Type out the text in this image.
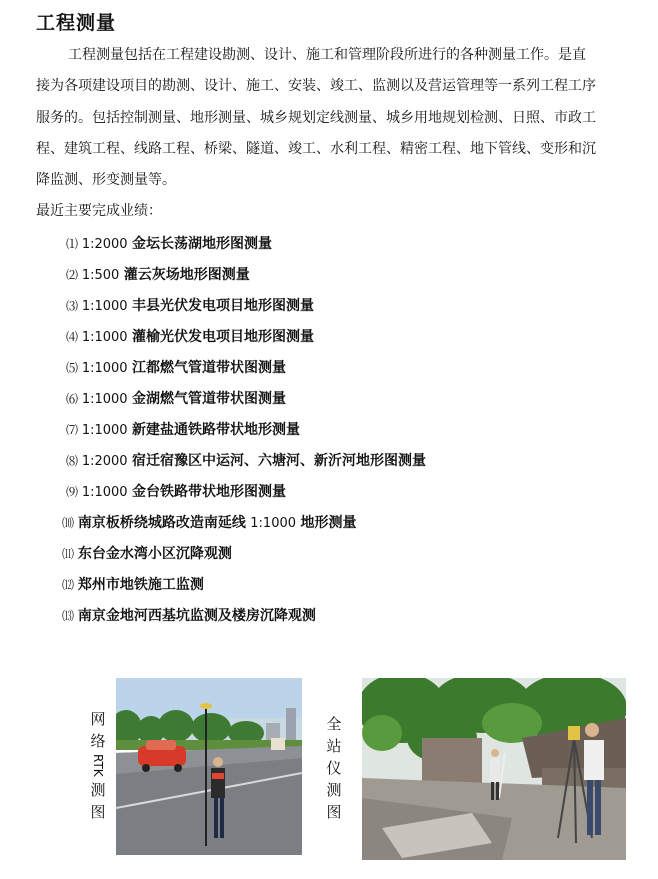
工程测量
工程测量包括在工程建设勘测、设计、施工和管理阶段所进行的各种测量工作。是直接为各项建设项目的勘测、设计、施工、安装、竣工、监测以及营运管理等一系列工程工序服务的。包括控制测量、地形测量、城乡规划定线测量、城乡用地规划检测、日照、市政工程、建筑工程、线路工程、桥梁、隧道、竣工、水利工程、精密工程、地下管线、变形和沉降监测、形变测量等。
最近主要完成业绩：
⑴ 1:2000 金坛长荡湖地形图测量
⑵ 1:500 灌云灰场地形图测量
⑶ 1:1000 丰县光伏发电项目地形图测量
⑷ 1:1000 灌榆光伏发电项目地形图测量
⑸ 1:1000 江都燃气管道带状图测量
⑹ 1:1000 金湖燃气管道带状图测量
⑺ 1:1000 新建盐通铁路带状地形测量
⑻ 1:2000 宿迁宿豫区中运河、六塘河、新沂河地形图测量
⑼ 1:1000 金台铁路带状地形图测量
⑽ 南京板桥绕城路改造南延线 1:1000 地形测量
⑾ 东台金水湾小区沉降观测
⑿ 郑州市地铁施工监测
⒀ 南京金地河西基坑监测及楼房沉降观测
网
络
RTK
测
图
全
站
仪
测
图
